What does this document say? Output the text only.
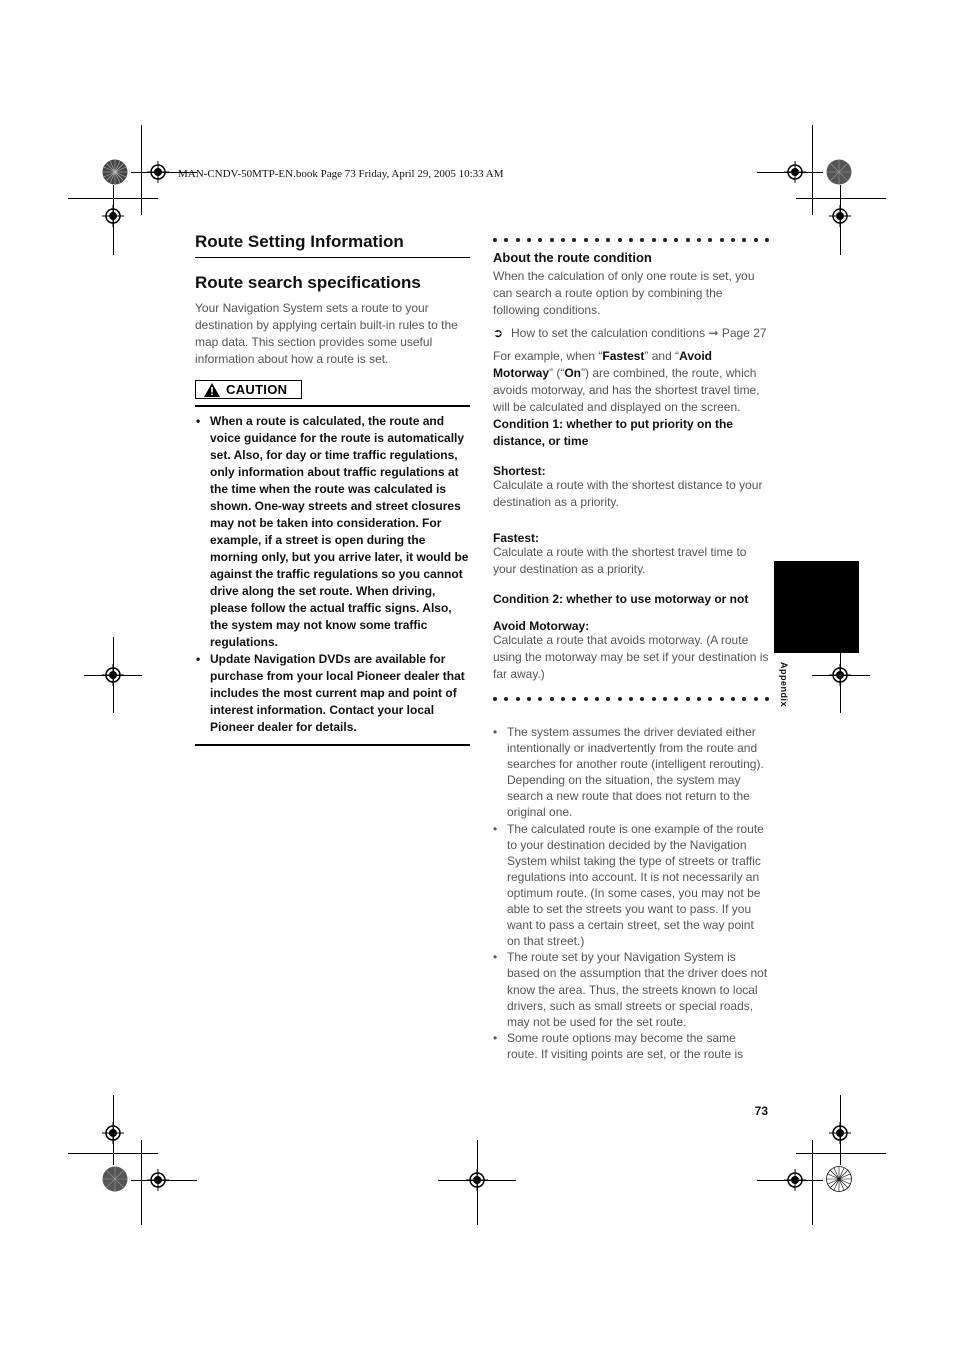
MAN-CNDV-50MTP-EN.book Page 73 Friday, April 29, 2005 10:33 AM
Route Setting Information
Route search specifications
Your Navigation System sets a route to your destination by applying certain built-in rules to the map data. This section provides some useful information about how a route is set.
CAUTION
• When a route is calculated, the route and voice guidance for the route is automatically set. Also, for day or time traffic regulations, only information about traffic regulations at the time when the route was calculated is shown. One-way streets and street closures may not be taken into consideration. For example, if a street is open during the morning only, but you arrive later, it would be against the traffic regulations so you cannot drive along the set route. When driving, please follow the actual traffic signs. Also, the system may not know some traffic regulations.
• Update Navigation DVDs are available for purchase from your local Pioneer dealer that includes the most current map and point of interest information. Contact your local Pioneer dealer for details.
About the route condition
When the calculation of only one route is set, you can search a route option by combining the following conditions.
➲ How to set the calculation conditions ➞ Page 27
For example, when “Fastest” and “Avoid Motorway” (“On”) are combined, the route, which avoids motorway, and has the shortest travel time, will be calculated and displayed on the screen.
Condition 1: whether to put priority on the distance, or time
Shortest:
Calculate a route with the shortest distance to your destination as a priority.
Fastest:
Calculate a route with the shortest travel time to your destination as a priority.
Condition 2: whether to use motorway or not
Avoid Motorway:
Calculate a route that avoids motorway. (A route using the motorway may be set if your destination is far away.)
• The system assumes the driver deviated either intentionally or inadvertently from the route and searches for another route (intelligent rerouting). Depending on the situation, the system may search a new route that does not return to the original one.
• The calculated route is one example of the route to your destination decided by the Navigation System whilst taking the type of streets or traffic regulations into account. It is not necessarily an optimum route. (In some cases, you may not be able to set the streets you want to pass. If you want to pass a certain street, set the way point on that street.)
• The route set by your Navigation System is based on the assumption that the driver does not know the area. Thus, the streets known to local drivers, such as small streets or special roads, may not be used for the set route.
• Some route options may become the same route. If visiting points are set, or the route is
Appendix
73
